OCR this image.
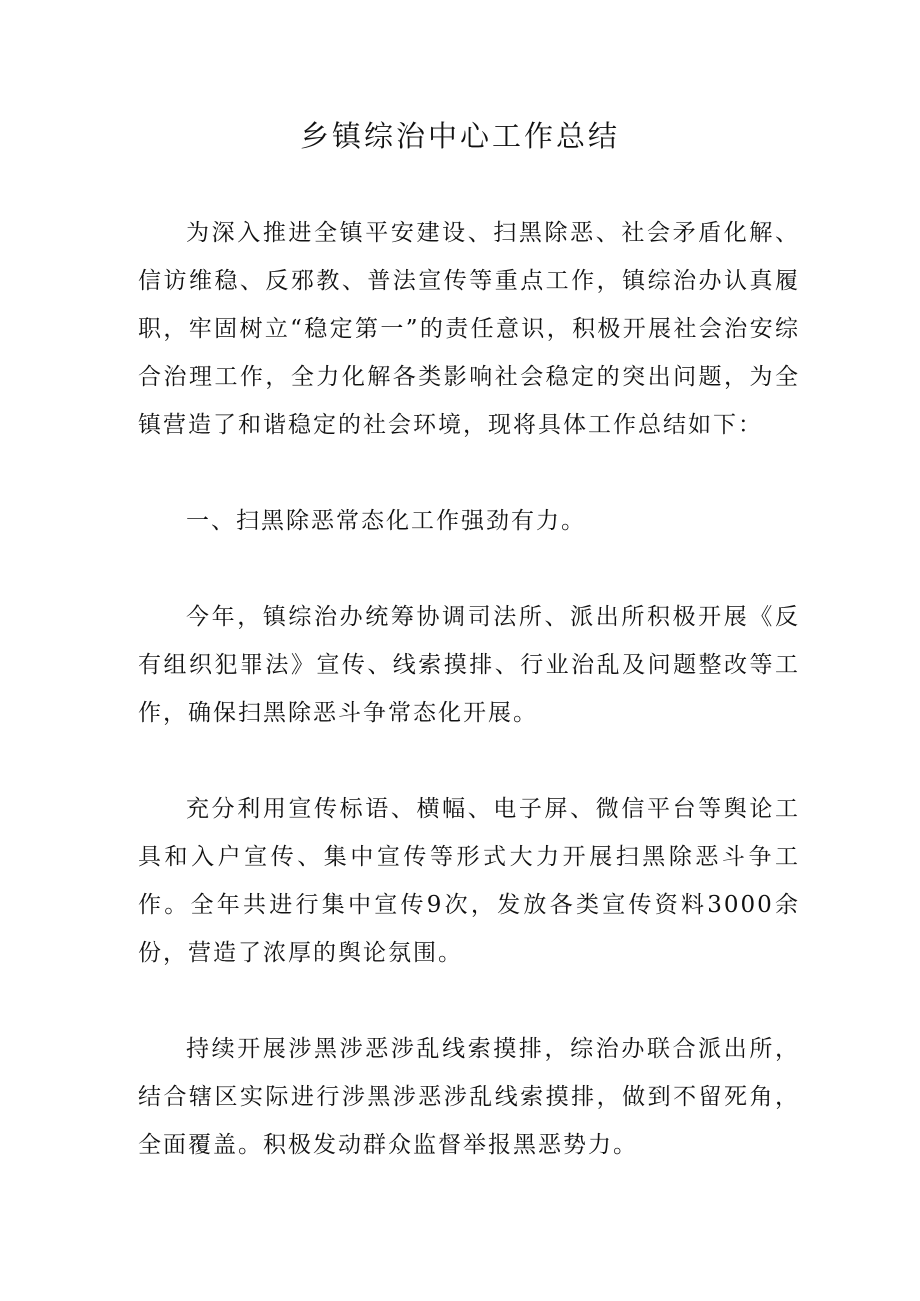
乡镇综治中心工作总结

为深入推进全镇平安建设、扫黑除恶、社会矛盾化解、信访维稳、反邪教、普法宣传等重点工作，镇综治办认真履职，牢固树立“稳定第一”的责任意识，积极开展社会治安综合治理工作，全力化解各类影响社会稳定的突出问题，为全镇营造了和谐稳定的社会环境，现将具体工作总结如下：

一、扫黑除恶常态化工作强劲有力。

今年，镇综治办统筹协调司法所、派出所积极开展《反有组织犯罪法》宣传、线索摸排、行业治乱及问题整改等工作，确保扫黑除恶斗争常态化开展。

充分利用宣传标语、横幅、电子屏、微信平台等舆论工具和入户宣传、集中宣传等形式大力开展扫黑除恶斗争工作。全年共进行集中宣传9次，发放各类宣传资料3000余份，营造了浓厚的舆论氛围。

持续开展涉黑涉恶涉乱线索摸排，综治办联合派出所，结合辖区实际进行涉黑涉恶涉乱线索摸排，做到不留死角，全面覆盖。积极发动群众监督举报黑恶势力。
